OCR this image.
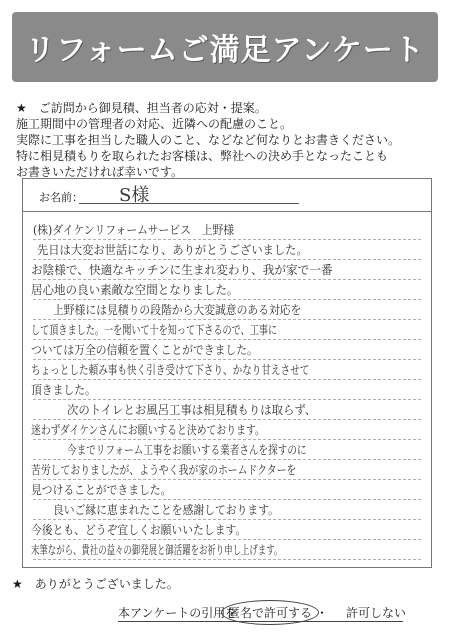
リフォームご満足アンケート
★　ご訪問から御見積、担当者の応対・提案。
施工期間中の管理者の対応、近隣への配慮のこと。
実際に工事を担当した職人のこと、などなど何なりとお書きください。
特に相見積もりを取られたお客様は、弊社への決め手となったことも
お書きいただければ幸いです。
お名前： S様
(株)ダイケンリフォームサービス　上野様
先日は大変お世話になり、ありがとうございました。
お陰様で、快適なキッチンに生まれ変わり、我が家で一番
居心地の良い素敵な空間となりました。
上野様には見積りの段階から大変誠意のある対応を
して頂きました。一を聞いて十を知って下さるので、工事に
ついては万全の信頼を置くことができました。
ちょっとした頼み事も快く引き受けて下さり、かなり甘えさせて
頂きました。
次のトイレとお風呂工事は相見積もりは取らず、
迷わずダイケンさんにお願いすると決めております。
今までリフォーム工事をお願いする業者さんを探すのに
苦労しておりましたが、ようやく我が家のホームドクターを
見つけることができました。
良いご縁に恵まれたことを感謝しております。
今後とも、どうぞ宜しくお願いいたします。
末筆ながら、貴社の益々の御発展と御活躍をお祈り申し上げます。
★　ありがとうございました。
本アンケートの引用を
匿名で許可する ・ 許可しない
